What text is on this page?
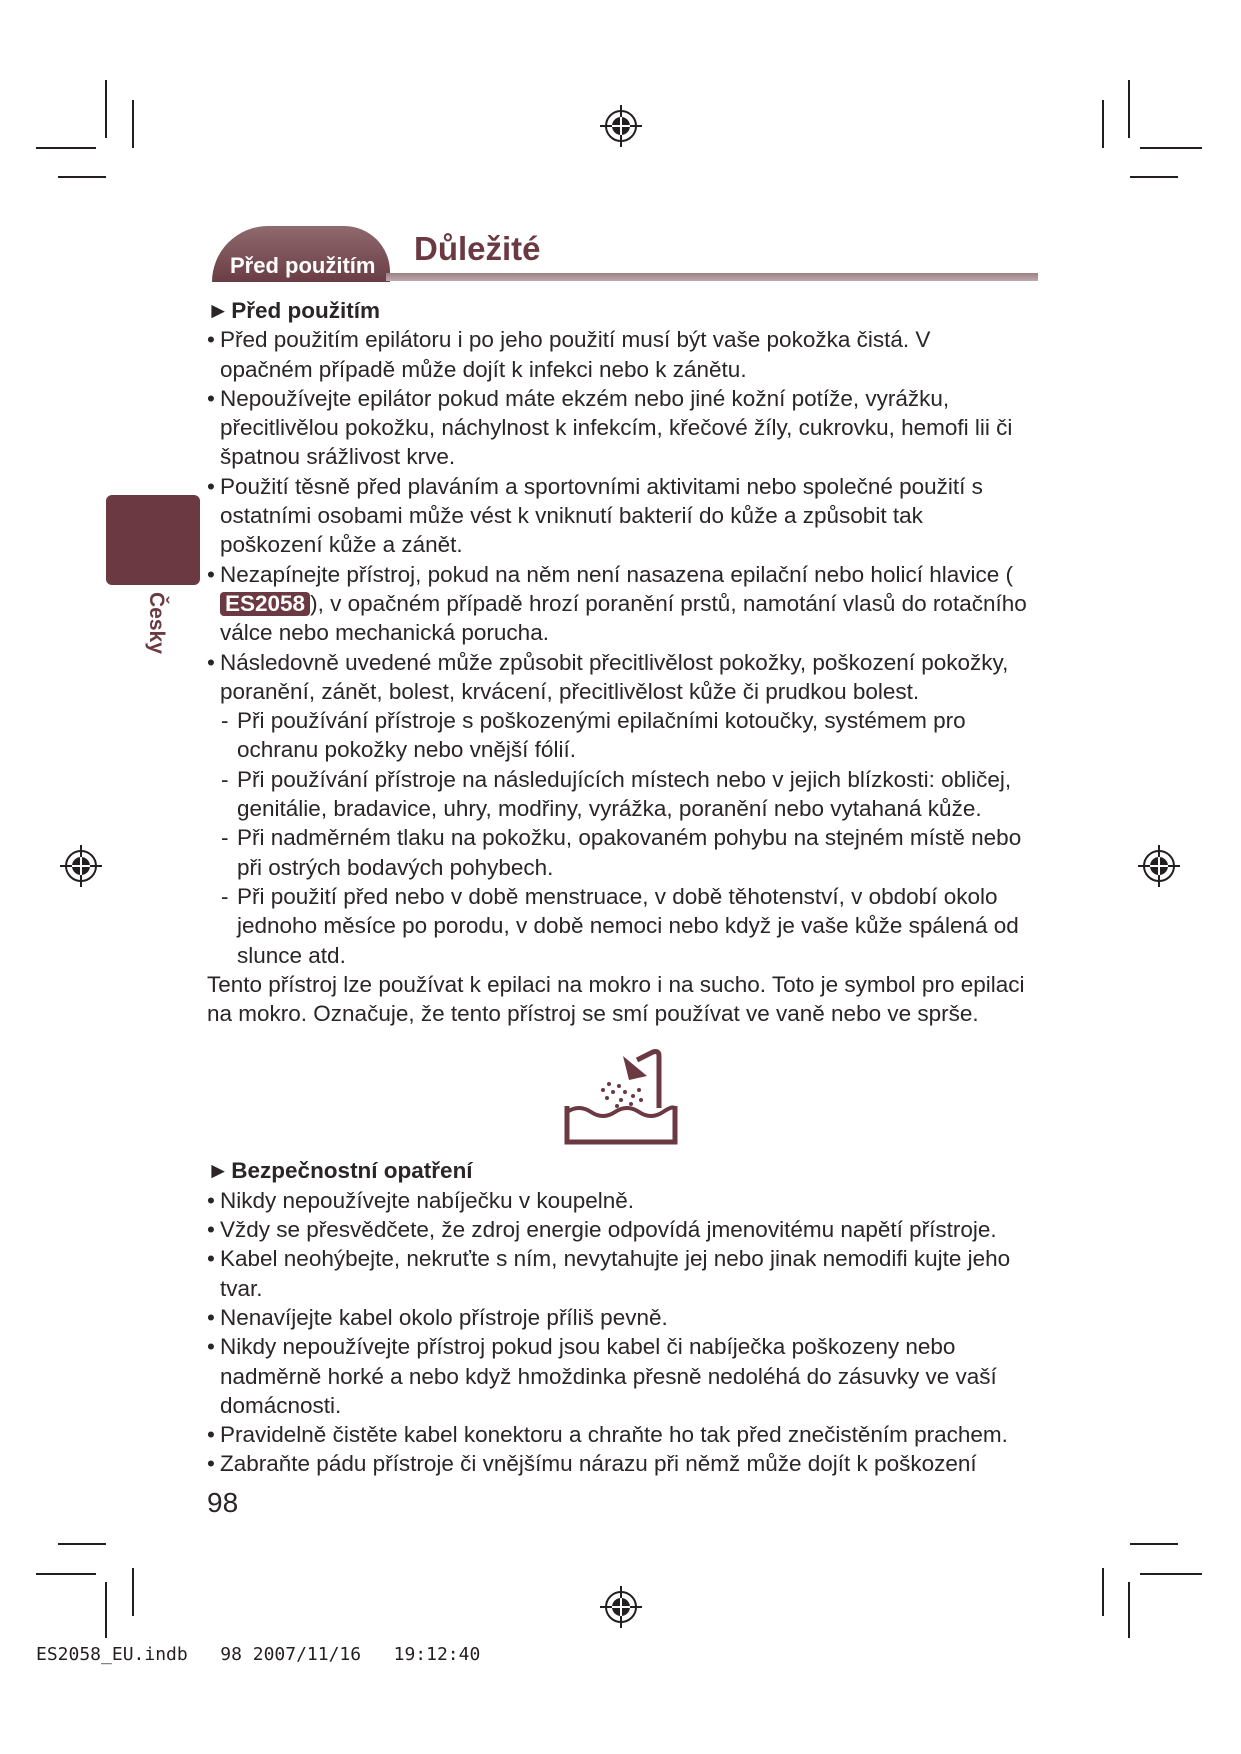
Před použitím Důležité
Česky
►Před použitím
• Před použitím epilátoru i po jeho použití musí být vaše pokožka čistá. V opačném případě může dojít k infekci nebo k zánětu.
• Nepoužívejte epilátor pokud máte ekzém nebo jiné kožní potíže, vyrážku, přecitlivělou pokožku, náchylnost k infekcím, křečové žíly, cukrovku, hemofi lii či špatnou srážlivost krve.
• Použití těsně před plaváním a sportovními aktivitami nebo společné použití s ostatními osobami může vést k vniknutí bakterií do kůže a způsobit tak poškození kůže a zánět.
• Nezapínejte přístroj, pokud na něm není nasazena epilační nebo holicí hlavice (ES2058 ), v opačném případě hrozí poranění prstů, namotání vlasů do rotačního válce nebo mechanická porucha.
• Následovně uvedené může způsobit přecitlivělost pokožky, poškození pokožky, poranění, zánět, bolest, krvácení, přecitlivělost kůže či prudkou bolest.
- Při používání přístroje s poškozenými epilačními kotoučky, systémem pro ochranu pokožky nebo vnější fólií.
- Při používání přístroje na následujících místech nebo v jejich blízkosti: obličej, genitálie, bradavice, uhry, modřiny, vyrážka, poranění nebo vytahaná kůže.
- Při nadměrném tlaku na pokožku, opakovaném pohybu na stejném místě nebo při ostrých bodavých pohybech.
- Při použití před nebo v době menstruace, v době těhotenství, v období okolo jednoho měsíce po porodu, v době nemoci nebo když je vaše kůže spálená od slunce atd.
Tento přístroj lze používat k epilaci na mokro i na sucho. Toto je symbol pro epilaci na mokro. Označuje, že tento přístroj se smí používat ve vaně nebo ve sprše.
►Bezpečnostní opatření
• Nikdy nepoužívejte nabíječku v koupelně.
• Vždy se přesvědčete, že zdroj energie odpovídá jmenovitému napětí přístroje.
• Kabel neohýbejte, nekruťte s ním, nevytahujte jej nebo jinak nemodifi kujte jeho tvar.
• Nenavíjejte kabel okolo přístroje příliš pevně.
• Nikdy nepoužívejte přístroj pokud jsou kabel či nabíječka poškozeny nebo nadměrně horké a nebo když hmoždinka přesně nedoléhá do zásuvky ve vaší domácnosti.
• Pravidelně čistěte kabel konektoru a chraňte ho tak před znečistěním prachem.
• Zabraňte pádu přístroje či vnějšímu nárazu při němž může dojít k poškození
98
ES2058_EU.indb   98 2007/11/16   19:12:40
